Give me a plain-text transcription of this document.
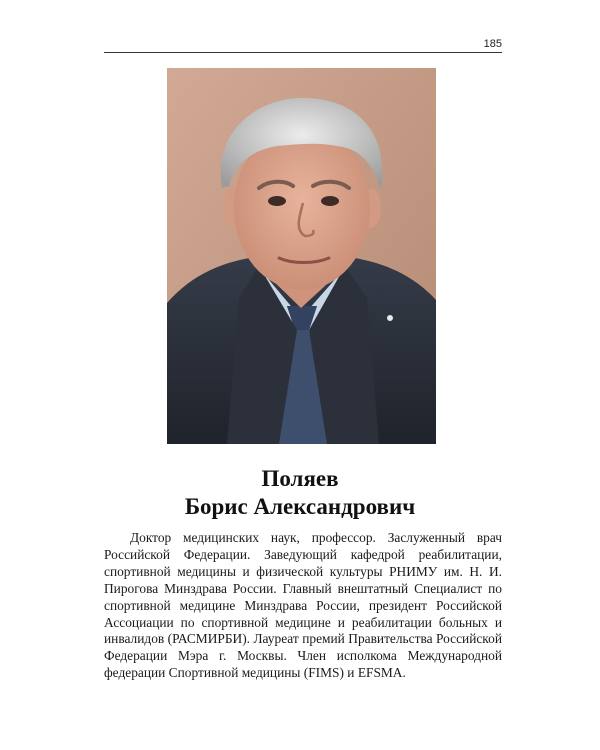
185
Поляев
Борис Александрович

Доктор медицинских наук, профессор. Заслуженный врач Российской Федерации. Заведующий кафедрой реабилитации, спортивной медицины и физической культуры РНИМУ им. Н. И. Пирогова Минздрава России. Главный внештатный Специалист по спортивной медицине Минздрава России, президент Российской Ассоциации по спортивной медицине и реабилитации больных и инвалидов (РАСМИРБИ). Лауреат премий Правительства Российской Федерации Мэра г. Москвы. Член исполкома Международной федерации Спортивной медицины (FIMS) и EFSMA.
